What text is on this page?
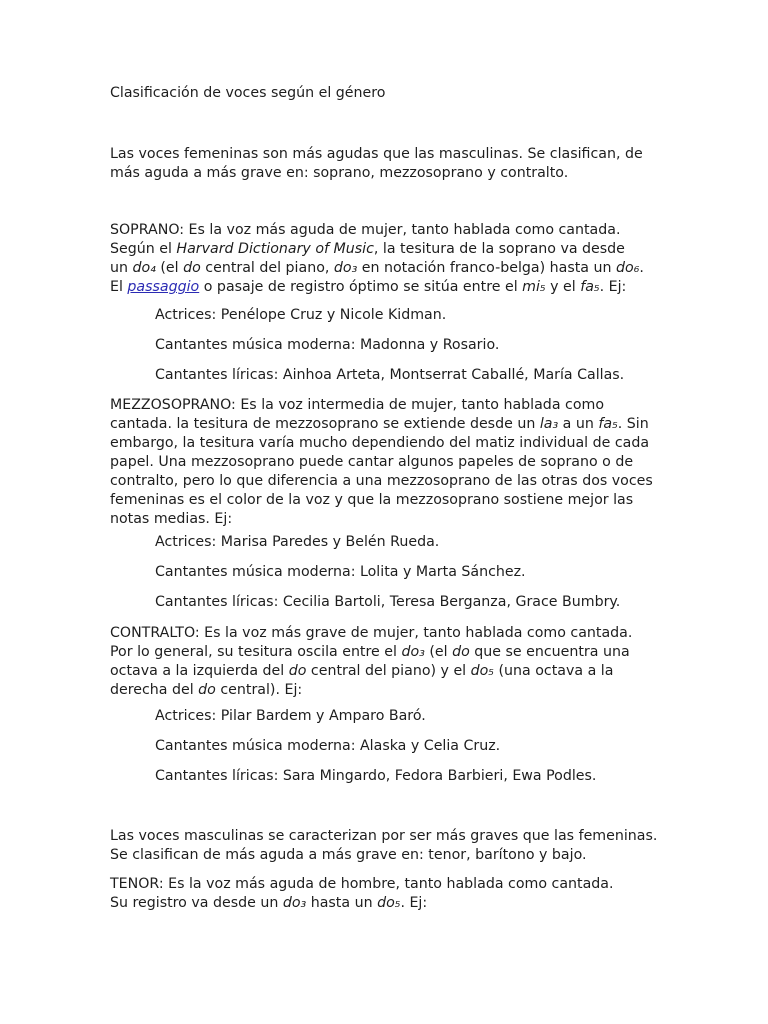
Clasificación de voces según el género

Las voces femeninas son más agudas que las masculinas. Se clasifican, de
más aguda a más grave en: soprano, mezzosoprano y contralto.

SOPRANO: Es la voz más aguda de mujer, tanto hablada como cantada.
Según el Harvard Dictionary of Music, la tesitura de la soprano va desde
un do₄ (el do central del piano, do₃ en notación franco-belga) hasta un do₆.
El passaggio o pasaje de registro óptimo se sitúa entre el mi₅ y el fa₅. Ej:

Actrices: Penélope Cruz y Nicole Kidman.
Cantantes música moderna: Madonna y Rosario.
Cantantes líricas: Ainhoa Arteta, Montserrat Caballé, María Callas.

MEZZOSOPRANO: Es la voz intermedia de mujer, tanto hablada como
cantada. la tesitura de mezzosoprano se extiende desde un la₃ a un fa₅. Sin
embargo, la tesitura varía mucho dependiendo del matiz individual de cada
papel. Una mezzosoprano puede cantar algunos papeles de soprano o de
contralto, pero lo que diferencia a una mezzosoprano de las otras dos voces
femeninas es el color de la voz y que la mezzosoprano sostiene mejor las
notas medias. Ej:

Actrices: Marisa Paredes y Belén Rueda.
Cantantes música moderna: Lolita y Marta Sánchez.
Cantantes líricas: Cecilia Bartoli, Teresa Berganza, Grace Bumbry.

CONTRALTO: Es la voz más grave de mujer, tanto hablada como cantada.
Por lo general, su tesitura oscila entre el do₃ (el do que se encuentra una
octava a la izquierda del do central del piano) y el do₅ (una octava a la
derecha del do central). Ej:

Actrices: Pilar Bardem y Amparo Baró.
Cantantes música moderna: Alaska y Celia Cruz.
Cantantes líricas: Sara Mingardo, Fedora Barbieri, Ewa Podles.

Las voces masculinas se caracterizan por ser más graves que las femeninas.
Se clasifican de más aguda a más grave en: tenor, barítono y bajo.

TENOR: Es la voz más aguda de hombre, tanto hablada como cantada.
Su registro va desde un do₃ hasta un do₅. Ej:
